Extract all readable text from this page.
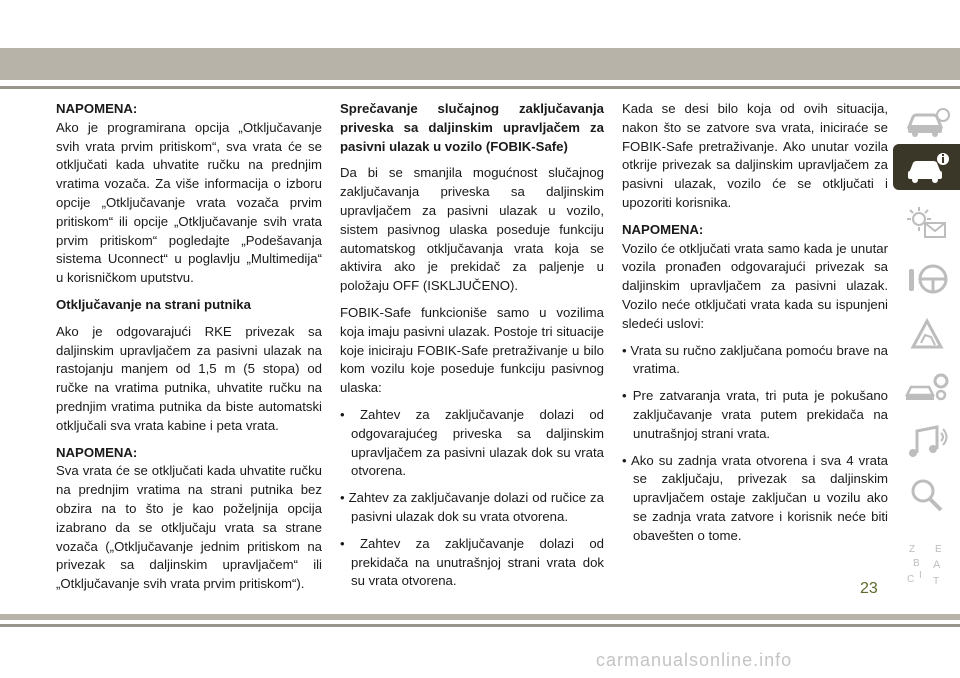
NAPOMENA:

Ako je programirana opcija „Otključavanje svih vrata prvim pritiskom“, sva vrata će se otključati kada uhvatite ručku na prednjim vratima vozača. Za više informacija o izboru opcije „Otključavanje vrata vozača prvim pritiskom“ ili opcije „Otključavanje svih vrata prvim pritiskom“ pogledajte „Podešavanja sistema Uconnect“ u poglavlju „Multimedija“ u korisničkom uputstvu.

Otključavanje na strani putnika

Ako je odgovarajući RKE privezak sa daljinskim upravljačem za pasivni ulazak na rastojanju manjem od 1,5 m (5 stopa) od ručke na vratima putnika, uhvatite ručku na prednjim vratima putnika da biste automatski otključali sva vrata kabine i peta vrata.

NAPOMENA:

Sva vrata će se otključati kada uhvatite ručku na prednjim vratima na strani putnika bez obzira na to što je kao poželjnija opcija izabrano da se otključaju vrata sa strane vozača („Otključavanje jednim pritiskom na privezak sa daljinskim upravljačem“ ili „Otključavanje svih vrata prvim pritiskom“).

Sprečavanje slučajnog zaključavanja priveska sa daljinskim upravljačem za pasivni ulazak u vozilo (FOBIK-Safe)

Da bi se smanjila mogućnost slučajnog zaključavanja priveska sa daljinskim upravljačem za pasivni ulazak u vozilo, sistem pasivnog ulaska poseduje funkciju automatskog otključavanja vrata koja se aktivira ako je prekidač za paljenje u položaju OFF (ISKLJUČENO).

FOBIK-Safe funkcioniše samo u vozilima koja imaju pasivni ulazak. Postoje tri situacije koje iniciraju FOBIK-Safe pretraživanje u bilo kom vozilu koje poseduje funkciju pasivnog ulaska:

• Zahtev za zaključavanje dolazi od odgovarajućeg priveska sa daljinskim upravljačem za pasivni ulazak dok su vrata otvorena.
• Zahtev za zaključavanje dolazi od ručice za pasivni ulazak dok su vrata otvorena.
• Zahtev za zaključavanje dolazi od prekidača na unutrašnjoj strani vrata dok su vrata otvorena.

Kada se desi bilo koja od ovih situacija, nakon što se zatvore sva vrata, iniciraće se FOBIK-Safe pretraživanje. Ako unutar vozila otkrije privezak sa daljinskim upravljačem za pasivni ulazak, vozilo će se otključati i upozoriti korisnika.

NAPOMENA:

Vozilo će otključati vrata samo kada je unutar vozila pronađen odgovarajući privezak sa daljinskim upravljačem za pasivni ulazak. Vozilo neće otključati vrata kada su ispunjeni sledeći uslovi:

• Vrata su ručno zaključana pomoću brave na vratima.
• Pre zatvaranja vrata, tri puta je pokušano zaključavanje vrata putem prekidača na unutrašnjoj strani vrata.
• Ako su zadnja vrata otvorena i sva 4 vrata se zaključaju, privezak sa daljinskim upravljačem ostaje zaključan u vozilu ako se zadnja vrata zatvore i korisnik neće biti obavešten o tome.
Z E
B A
C I
T
23
carmanualsonline.info
